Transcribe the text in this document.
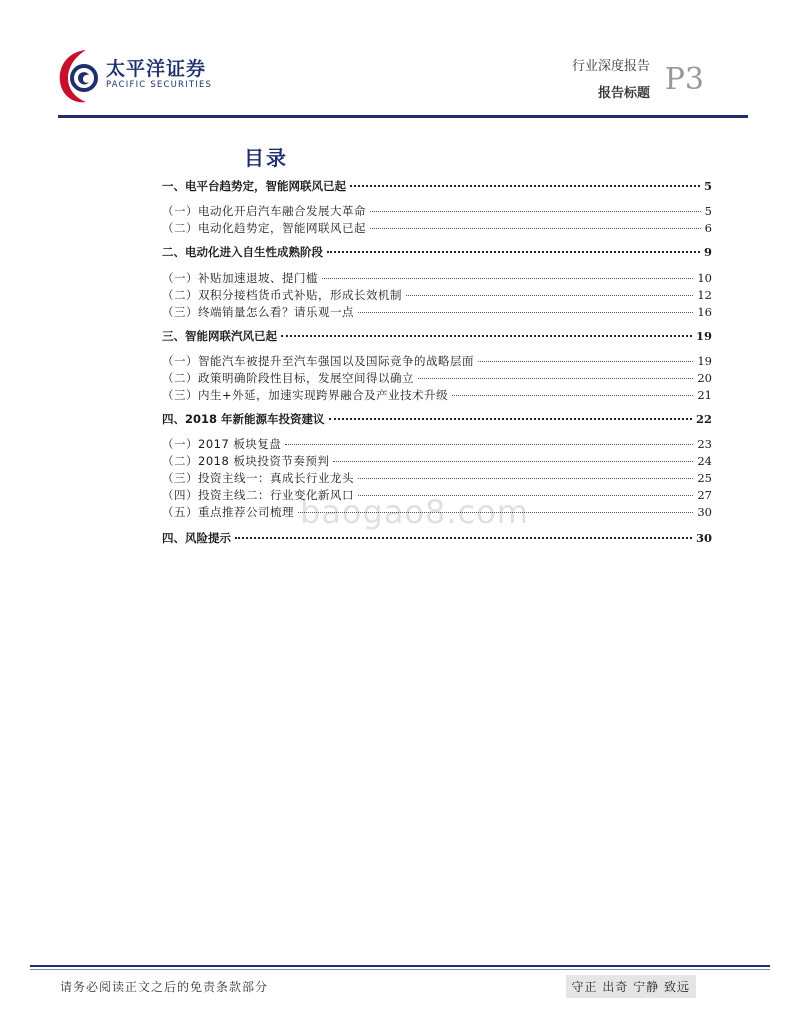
太平洋证券
PACIFIC SECURITIES
行业深度报告
报告标题 P3
目录
一、电平台趋势定，智能网联风已起	5
（一）电动化开启汽车融合发展大革命	5
（二）电动化趋势定，智能网联风已起	6
二、电动化进入自生性成熟阶段	9
（一）补贴加速退坡、提门槛	10
（二）双积分接档货币式补贴，形成长效机制	12
（三）终端销量怎么看？请乐观一点	16
三、智能网联汽风已起	19
（一）智能汽车被提升至汽车强国以及国际竞争的战略层面	19
（二）政策明确阶段性目标，发展空间得以确立	20
（三）内生+外延，加速实现跨界融合及产业技术升级	21
四、2018 年新能源车投资建议	22
（一）2017 板块复盘	23
（二）2018 板块投资节奏预判	24
（三）投资主线一：真成长行业龙头	25
（四）投资主线二：行业变化新风口	27
（五）重点推荐公司梳理	30
四、风险提示	30
baogao8.com
请务必阅读正文之后的免责条款部分	守正 出奇 宁静 致远
